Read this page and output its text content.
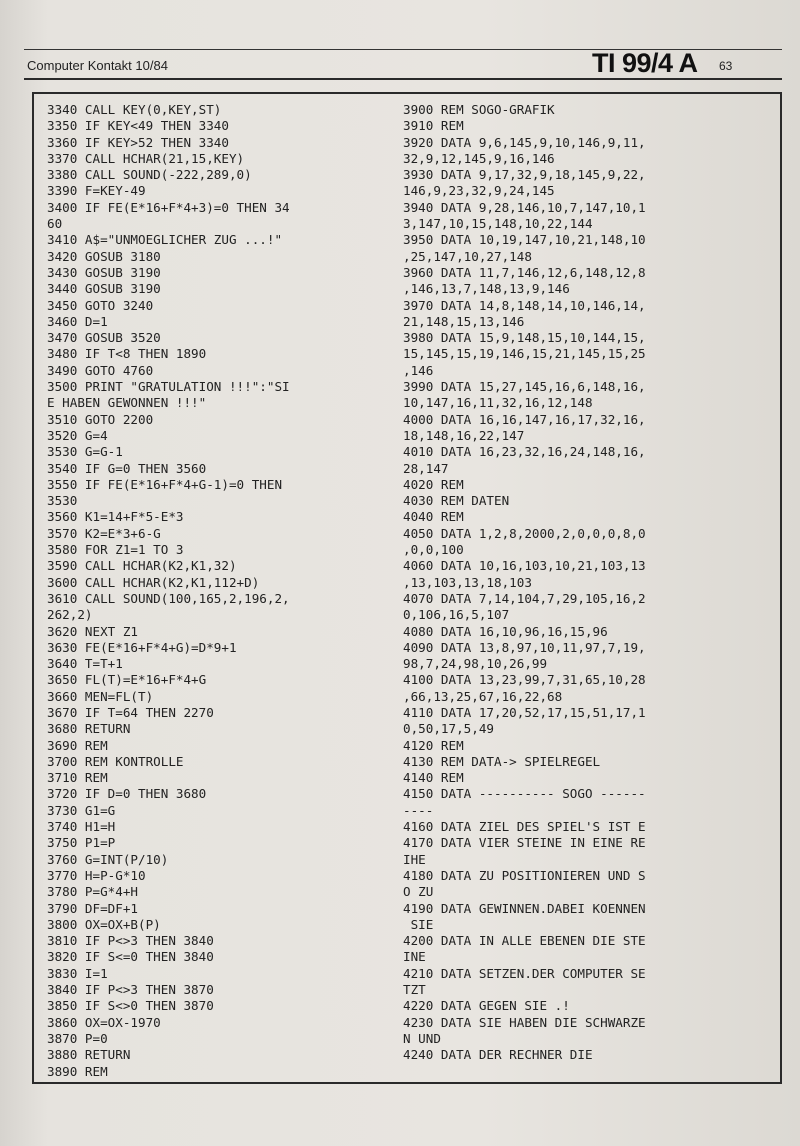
Computer Kontakt 10/84	TI 99/4 A 63
3340 CALL KEY(0,KEY,ST)
3350 IF KEY<49 THEN 3340
3360 IF KEY>52 THEN 3340
3370 CALL HCHAR(21,15,KEY)
3380 CALL SOUND(-222,289,0)
3390 F=KEY-49
3400 IF FE(E*16+F*4+3)=0 THEN 34
60
3410 A$="UNMOEGLICHER ZUG ...!"
3420 GOSUB 3180
3430 GOSUB 3190
3440 GOSUB 3190
3450 GOTO 3240
3460 D=1
3470 GOSUB 3520
3480 IF T<8 THEN 1890
3490 GOTO 4760
3500 PRINT "GRATULATION !!!":"SI
E HABEN GEWONNEN !!!"
3510 GOTO 2200
3520 G=4
3530 G=G-1
3540 IF G=0 THEN 3560
3550 IF FE(E*16+F*4+G-1)=0 THEN
3530
3560 K1=14+F*5-E*3
3570 K2=E*3+6-G
3580 FOR Z1=1 TO 3
3590 CALL HCHAR(K2,K1,32)
3600 CALL HCHAR(K2,K1,112+D)
3610 CALL SOUND(100,165,2,196,2,
262,2)
3620 NEXT Z1
3630 FE(E*16+F*4+G)=D*9+1
3640 T=T+1
3650 FL(T)=E*16+F*4+G
3660 MEN=FL(T)
3670 IF T=64 THEN 2270
3680 RETURN
3690 REM
3700 REM KONTROLLE
3710 REM
3720 IF D=0 THEN 3680
3730 G1=G
3740 H1=H
3750 P1=P
3760 G=INT(P/10)
3770 H=P-G*10
3780 P=G*4+H
3790 DF=DF+1
3800 OX=OX+B(P)
3810 IF P<>3 THEN 3840
3820 IF S<=0 THEN 3840
3830 I=1
3840 IF P<>3 THEN 3870
3850 IF S<>0 THEN 3870
3860 OX=OX-1970
3870 P=0
3880 RETURN
3890 REM
3900 REM SOGO-GRAFIK
3910 REM
3920 DATA 9,6,145,9,10,146,9,11,
32,9,12,145,9,16,146
3930 DATA 9,17,32,9,18,145,9,22,
146,9,23,32,9,24,145
3940 DATA 9,28,146,10,7,147,10,1
3,147,10,15,148,10,22,144
3950 DATA 10,19,147,10,21,148,10
,25,147,10,27,148
3960 DATA 11,7,146,12,6,148,12,8
,146,13,7,148,13,9,146
3970 DATA 14,8,148,14,10,146,14,
21,148,15,13,146
3980 DATA 15,9,148,15,10,144,15,
15,145,15,19,146,15,21,145,15,25
,146
3990 DATA 15,27,145,16,6,148,16,
10,147,16,11,32,16,12,148
4000 DATA 16,16,147,16,17,32,16,
18,148,16,22,147
4010 DATA 16,23,32,16,24,148,16,
28,147
4020 REM
4030 REM DATEN
4040 REM
4050 DATA 1,2,8,2000,2,0,0,0,8,0
,0,0,100
4060 DATA 10,16,103,10,21,103,13
,13,103,13,18,103
4070 DATA 7,14,104,7,29,105,16,2
0,106,16,5,107
4080 DATA 16,10,96,16,15,96
4090 DATA 13,8,97,10,11,97,7,19,
98,7,24,98,10,26,99
4100 DATA 13,23,99,7,31,65,10,28
,66,13,25,67,16,22,68
4110 DATA 17,20,52,17,15,51,17,1
0,50,17,5,49
4120 REM
4130 REM DATA-> SPIELREGEL
4140 REM
4150 DATA ---------- SOGO ------
----
4160 DATA ZIEL DES SPIEL'S IST E
4170 DATA VIER STEINE IN EINE RE
IHE
4180 DATA ZU POSITIONIEREN UND S
O ZU
4190 DATA GEWINNEN.DABEI KOENNEN
SIE
4200 DATA IN ALLE EBENEN DIE STE
INE
4210 DATA SETZEN.DER COMPUTER SE
TZT
4220 DATA GEGEN SIE .!
4230 DATA SIE HABEN DIE SCHWARZE
N UND
4240 DATA DER RECHNER DIE
